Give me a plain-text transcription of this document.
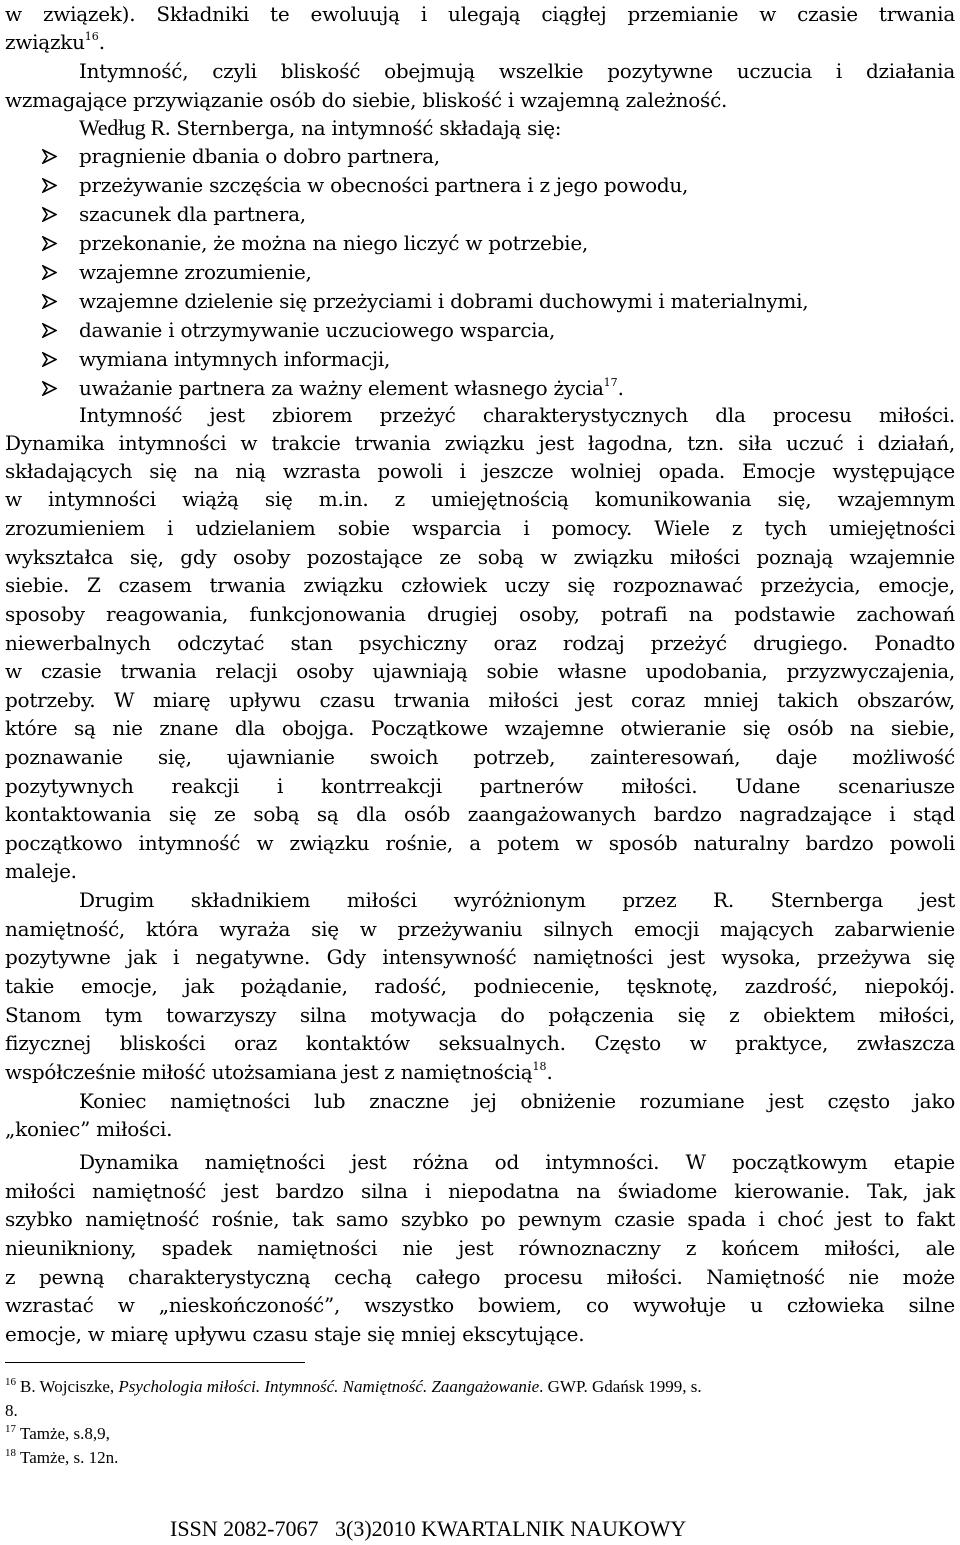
w związek). Składniki te ewoluują i ulegają ciągłej przemianie w czasie trwania
związku$^{16}$.
Intymność, czyli bliskość obejmują wszelkie pozytywne uczucia i działania
wzmagające przywiązanie osób do siebie, bliskość i wzajemną zależność.
Według R. Sternberga, na intymność składają się:
pragnienie dbania o dobro partnera,
przeżywanie szczęścia w obecności partnera i z jego powodu,
szacunek dla partnera,
przekonanie, że można na niego liczyć w potrzebie,
wzajemne zrozumienie,
wzajemne dzielenie się przeżyciami i dobrami duchowymi i materialnymi,
dawanie i otrzymywanie uczuciowego wsparcia,
wymiana intymnych informacji,
uważanie partnera za ważny element własnego życia$^{17}$.
Intymność jest zbiorem przeżyć charakterystycznych dla procesu miłości.
Dynamika intymności w trakcie trwania związku jest łagodna, tzn. siła uczuć i działań,
składających się na nią wzrasta powoli i jeszcze wolniej opada. Emocje występujące
w intymności wiążą się m.in. z umiejętnością komunikowania się, wzajemnym
zrozumieniem i udzielaniem sobie wsparcia i pomocy. Wiele z tych umiejętności
wykształca się, gdy osoby pozostające ze sobą w związku miłości poznają wzajemnie
siebie. Z czasem trwania związku człowiek uczy się rozpoznawać przeżycia, emocje,
sposoby reagowania, funkcjonowania drugiej osoby, potrafi na podstawie zachowań
niewerbalnych odczytać stan psychiczny oraz rodzaj przeżyć drugiego. Ponadto
w czasie trwania relacji osoby ujawniają sobie własne upodobania, przyzwyczajenia,
potrzeby. W miarę upływu czasu trwania miłości jest coraz mniej takich obszarów,
które są nie znane dla obojga. Początkowe wzajemne otwieranie się osób na siebie,
poznawanie się, ujawnianie swoich potrzeb, zainteresowań, daje możliwość
pozytywnych reakcji i kontrreakcji partnerów miłości. Udane scenariusze
kontaktowania się ze sobą są dla osób zaangażowanych bardzo nagradzające i stąd
początkowo intymność w związku rośnie, a potem w sposób naturalny bardzo powoli
maleje.
Drugim składnikiem miłości wyróżnionym przez R. Sternberga jest
namiętność, która wyraża się w przeżywaniu silnych emocji mających zabarwienie
pozytywne jak i negatywne. Gdy intensywność namiętności jest wysoka, przeżywa się
takie emocje, jak pożądanie, radość, podniecenie, tęsknotę, zazdrość, niepokój.
Stanom tym towarzyszy silna motywacja do połączenia się z obiektem miłości,
fizycznej bliskości oraz kontaktów seksualnych. Często w praktyce, zwłaszcza
współcześnie miłość utożsamiana jest z namiętnością$^{18}$.
Koniec namiętności lub znaczne jej obniżenie rozumiane jest często jako
„koniec” miłości.
Dynamika namiętności jest różna od intymności. W początkowym etapie
miłości namiętność jest bardzo silna i niepodatna na świadome kierowanie. Tak, jak
szybko namiętność rośnie, tak samo szybko po pewnym czasie spada i choć jest to fakt
nieunikniony, spadek namiętności nie jest równoznaczny z końcem miłości, ale
z pewną charakterystyczną cechą całego procesu miłości. Namiętność nie może
wzrastać w „nieskończoność”, wszystko bowiem, co wywołuje u człowieka silne
emocje, w miarę upływu czasu staje się mniej ekscytujące.
$^{16}$ B. Wojciszke, Psychologia miłości. Intymność. Namiętność. Zaangażowanie. GWP. Gdańsk 1999, s.
8.
$^{17}$ Tamże, s.8,9,
$^{18}$ Tamże, s. 12n.
ISSN 2082-7067 3(3)2010 KWARTALNIK NAUKOWY
